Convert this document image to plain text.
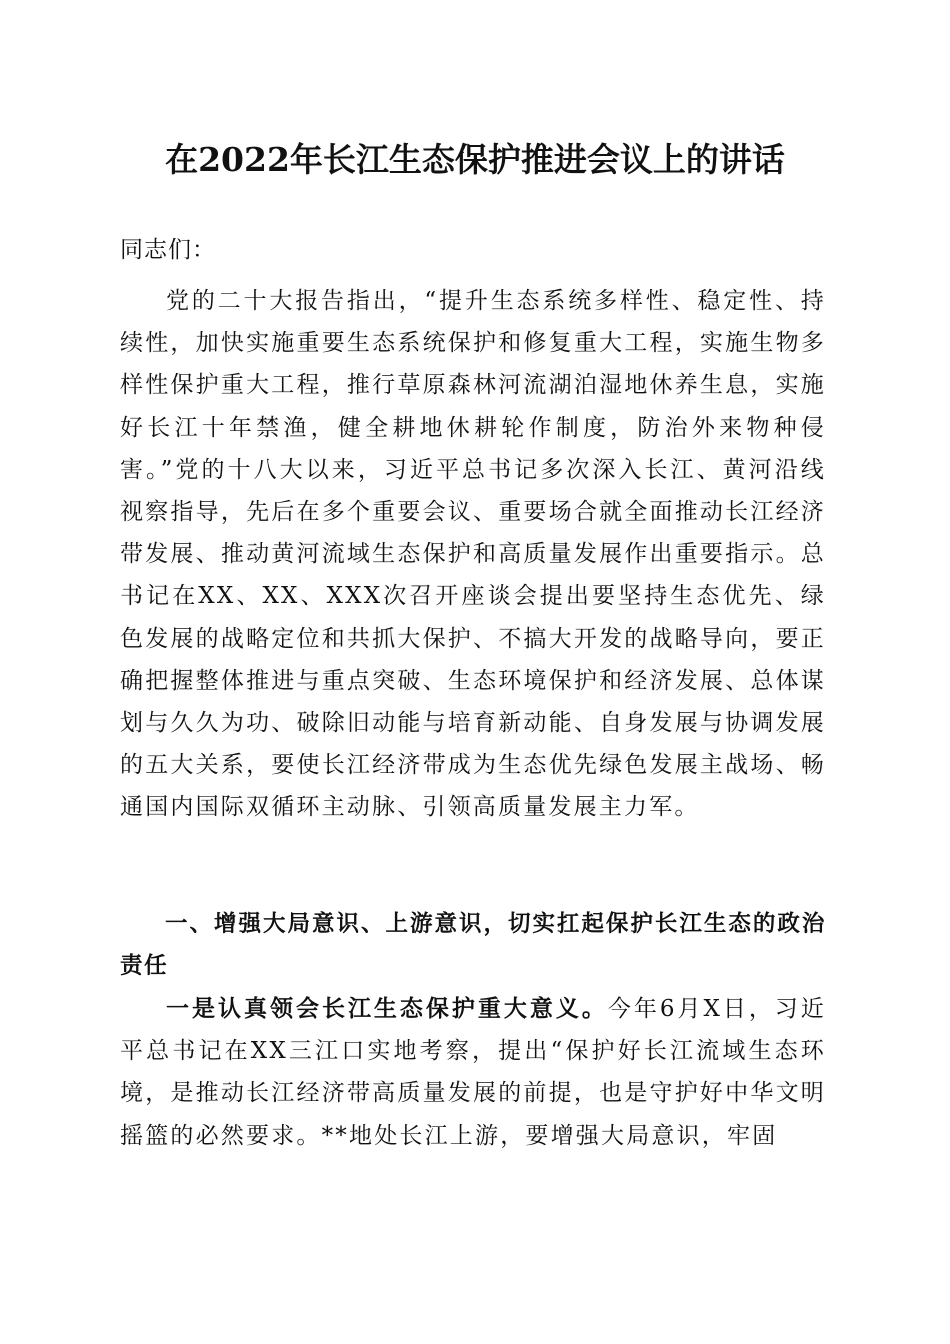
在2022年长江生态保护推进会议上的讲话

同志们：

党的二十大报告指出，“提升生态系统多样性、稳定性、持续性，加快实施重要生态系统保护和修复重大工程，实施生物多样性保护重大工程，推行草原森林河流湖泊湿地休养生息，实施好长江十年禁渔，健全耕地休耕轮作制度，防治外来物种侵害。”党的十八大以来，习近平总书记多次深入长江、黄河沿线视察指导，先后在多个重要会议、重要场合就全面推动长江经济带发展、推动黄河流域生态保护和高质量发展作出重要指示。总书记在XX、XX、XXX次召开座谈会提出要坚持生态优先、绿色发展的战略定位和共抓大保护、不搞大开发的战略导向，要正确把握整体推进与重点突破、生态环境保护和经济发展、总体谋划与久久为功、破除旧动能与培育新动能、自身发展与协调发展的五大关系，要使长江经济带成为生态优先绿色发展主战场、畅通国内国际双循环主动脉、引领高质量发展主力军。

一、增强大局意识、上游意识，切实扛起保护长江生态的政治责任

一是认真领会长江生态保护重大意义。今年6月X日，习近平总书记在XX三江口实地考察，提出“保护好长江流域生态环境，是推动长江经济带高质量发展的前提，也是守护好中华文明摇篮的必然要求。**地处长江上游，要增强大局意识，牢固
